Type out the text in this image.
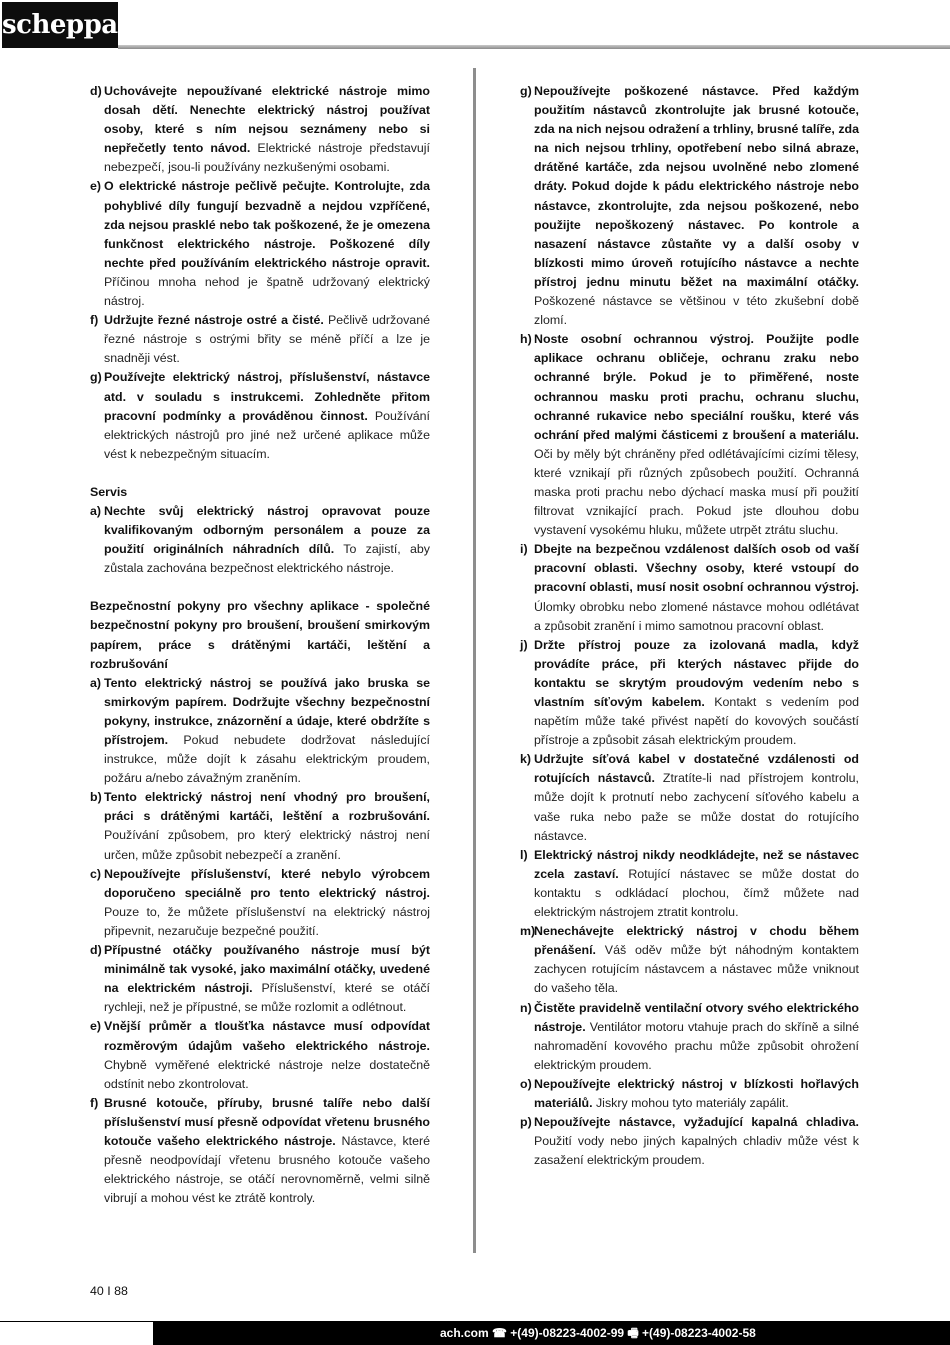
scheppach

d) Uchovávejte nepoužívané elektrické nástroje mimo dosah dětí. Nenechte elektrický nástroj používat osoby, které s ním nejsou seznámeny nebo si nepřečetly tento návod. Elektrické nástroje představují nebezpečí, jsou-li používány nezkušenými osobami.

e) O elektrické nástroje pečlivě pečujte. Kontrolujte, zda pohyblivé díly fungují bezvadně a nejdou vzpříčené, zda nejsou prasklé nebo tak poškozené, že je omezena funkčnost elektrického nástroje. Poškozené díly nechte před používáním elektrického nástroje opravit. Příčinou mnoha nehod je špatně udržovaný elektrický nástroj.

f) Udržujte řezné nástroje ostré a čisté. Pečlivě udržované řezné nástroje s ostrými břity se méně příčí a lze je snadněji vést.

g) Používejte elektrický nástroj, příslušenství, nástavce atd. v souladu s instrukcemi. Zohledněte přitom pracovní podmínky a prováděnou činnost. Používání elektrických nástrojů pro jiné než určené aplikace může vést k nebezpečným situacím.

Servis

a) Nechte svůj elektrický nástroj opravovat pouze kvalifikovaným odborným personálem a pouze za použití originálních náhradních dílů. To zajistí, aby zůstala zachována bezpečnost elektrického nástroje.

Bezpečnostní pokyny pro všechny aplikace - společné bezpečnostní pokyny pro broušení, broušení smirkovým papírem, práce s drátěnými kartáči, leštění a rozbrušování

a) Tento elektrický nástroj se používá jako bruska se smirkovým papírem. Dodržujte všechny bezpečnostní pokyny, instrukce, znázornění a údaje, které obdržíte s přístrojem. Pokud nebudete dodržovat následující instrukce, může dojít k zásahu elektrickým proudem, požáru a/nebo závažným zraněním.

b) Tento elektrický nástroj není vhodný pro broušení, práci s drátěnými kartáči, leštění a rozbrušování. Používání způsobem, pro který elektrický nástroj není určen, může způsobit nebezpečí a zranění.

c) Nepoužívejte příslušenství, které nebylo výrobcem doporučeno speciálně pro tento elektrický nástroj. Pouze to, že můžete příslušenství na elektrický nástroj připevnit, nezaručuje bezpečné použití.

d) Přípustné otáčky používaného nástroje musí být minimálně tak vysoké, jako maximální otáčky, uvedené na elektrickém nástroji. Příslušenství, které se otáčí rychleji, než je přípustné, se může rozlomit a odlétnout.

e) Vnější průměr a tloušťka nástavce musí odpovídat rozměrovým údajům vašeho elektrického nástroje. Chybně vyměřené elektrické nástroje nelze dostatečně odstínit nebo zkontrolovat.

f) Brusné kotouče, příruby, brusné talíře nebo další příslušenství musí přesně odpovídat vřetenu brusného kotouče vašeho elektrického nástroje. Nástavce, které přesně neodpovídají vřetenu brusného kotouče vašeho elektrického nástroje, se otáčí nerovnoměrně, velmi silně vibrují a mohou vést ke ztrátě kontroly.

g) Nepoužívejte poškozené nástavce. Před každým použitím nástavců zkontrolujte jak brusné kotouče, zda na nich nejsou odražení a trhliny, brusné talíře, zda na nich nejsou trhliny, opotřebení nebo silná abraze, drátěné kartáče, zda nejsou uvolněné nebo zlomené dráty. Pokud dojde k pádu elektrického nástroje nebo nástavce, zkontrolujte, zda nejsou poškozené, nebo použijte nepoškozený nástavec. Po kontrole a nasazení nástavce zůstaňte vy a další osoby v blízkosti mimo úroveň rotujícího nástavce a nechte přístroj jednu minutu běžet na maximální otáčky. Poškozené nástavce se většinou v této zkušební době zlomí.

h) Noste osobní ochrannou výstroj. Použijte podle aplikace ochranu obličeje, ochranu zraku nebo ochranné brýle. Pokud je to přiměřené, noste ochrannou masku proti prachu, ochranu sluchu, ochranné rukavice nebo speciální roušku, které vás ochrání před malými částicemi z broušení a materiálu. Oči by měly být chráněny před odlétávajícími cizími tělesy, které vznikají při různých způsobech použití. Ochranná maska proti prachu nebo dýchací maska musí při použití filtrovat vznikající prach. Pokud jste dlouhou dobu vystavení vysokému hluku, můžete utrpět ztrátu sluchu.

i) Dbejte na bezpečnou vzdálenost dalších osob od vaší pracovní oblasti. Všechny osoby, které vstoupí do pracovní oblasti, musí nosit osobní ochrannou výstroj. Úlomky obrobku nebo zlomené nástavce mohou odlétávat a způsobit zranění i mimo samotnou pracovní oblast.

j) Držte přístroj pouze za izolovaná madla, když provádíte práce, při kterých nástavec přijde do kontaktu se skrytým proudovým vedením nebo s vlastním síťovým kabelem. Kontakt s vedením pod napětím může také přivést napětí do kovových součástí přístroje a způsobit zásah elektrickým proudem.

k) Udržujte síťová kabel v dostatečné vzdálenosti od rotujících nástavců. Ztratíte-li nad přístrojem kontrolu, může dojít k protnutí nebo zachycení síťového kabelu a vaše ruka nebo paže se může dostat do rotujícího nástavce.

l) Elektrický nástroj nikdy neodkládejte, než se nástavec zcela zastaví. Rotující nástavec se může dostat do kontaktu s odkládací plochou, čímž můžete nad elektrickým nástrojem ztratit kontrolu.

m)
Nenechávejte elektrický nástroj v chodu během přenášení. Váš oděv může být náhodným kontaktem zachycen rotujícím nástavcem a nástavec může vniknout do vašeho těla.

n) Čistěte pravidelně ventilační otvory svého elektrického nástroje. Ventilátor motoru vtahuje prach do skříně a silné nahromadění kovového prachu může způsobit ohrožení elektrickým proudem.

o) Nepoužívejte elektrický nástroj v blízkosti hořlavých materiálů. Jiskry mohou tyto materiály zapálit.

p) Nepoužívejte nástavce, vyžadující kapalná chladiva. Použití vody nebo jiných kapalných chladiv může vést k zasažení elektrickým proudem.

40 I 88
ach.com ☎ +(49)-08223-4002-99 🖷 +(49)-08223-4002-58
